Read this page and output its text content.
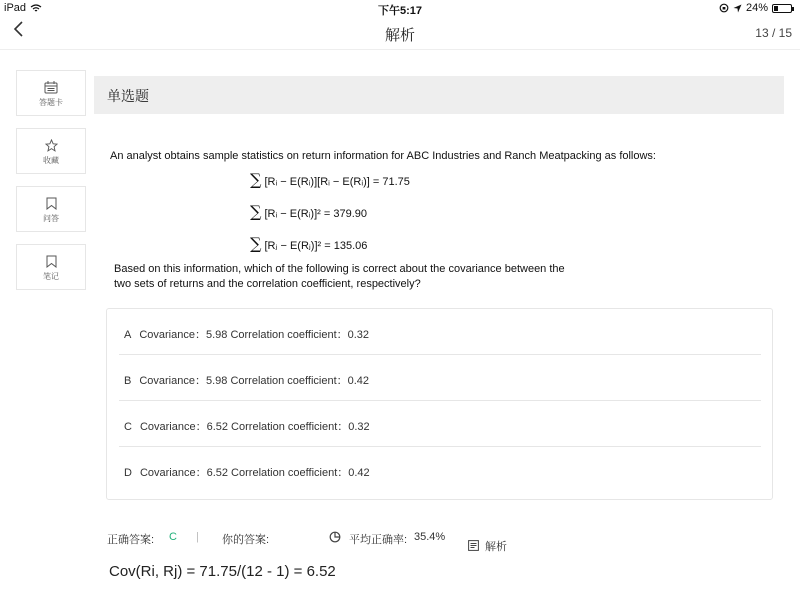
iPad	下午5:17	24%
解析	13 / 15
答题卡
收藏
问答
笔记
单选题
An analyst obtains sample statistics on return information for ABC Industries and Ranch Meatpacking as follows:
∑ [Rᵢ − E(Rᵢ)][Rᵢ − E(Rᵢ)] = 71.75
∑ [Rᵢ − E(Rᵢ)]² = 379.90
∑ [Rⱼ − E(Rⱼ)]² = 135.06
Based on this information, which of the following is correct about the covariance between the two sets of returns and the correlation coefficient, respectively?
A Covariance：5.98 Correlation coefficient：0.32
B Covariance：5.98 Correlation coefficient：0.42
C Covariance：6.52 Correlation coefficient：0.32
D Covariance：6.52 Correlation coefficient：0.42
正确答案: C | 你的答案:	平均正确率: 35.4%
解析
Cov(Ri, Rj) = 71.75/(12 - 1) = 6.52
